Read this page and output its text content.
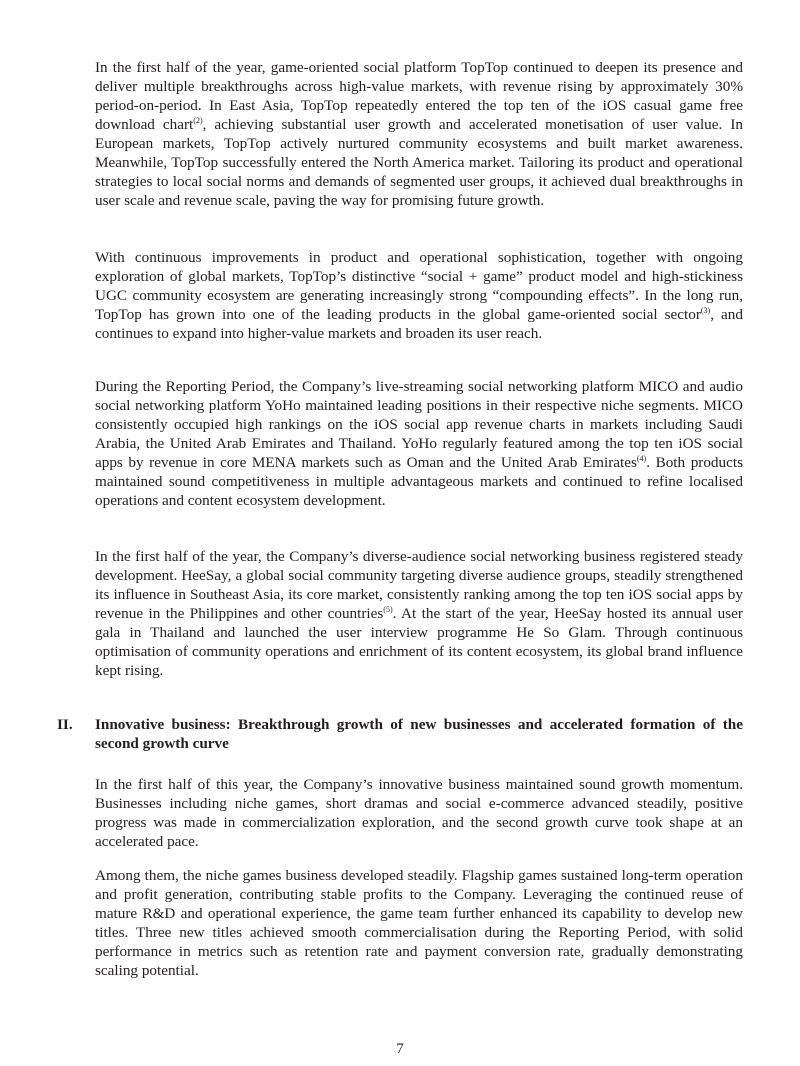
In the first half of the year, game-oriented social platform TopTop continued to deepen its presence and deliver multiple breakthroughs across high-value markets, with revenue rising by approximately 30% period-on-period. In East Asia, TopTop repeatedly entered the top ten of the iOS casual game free download chart$^{(2)}$, achieving substantial user growth and accelerated monetisation of user value. In European markets, TopTop actively nurtured community ecosystems and built market awareness. Meanwhile, TopTop successfully entered the North America market. Tailoring its product and operational strategies to local social norms and demands of segmented user groups, it achieved dual breakthroughs in user scale and revenue scale, paving the way for promising future growth.

With continuous improvements in product and operational sophistication, together with ongoing exploration of global markets, TopTop’s distinctive “social + game” product model and high-stickiness UGC community ecosystem are generating increasingly strong “compounding effects”. In the long run, TopTop has grown into one of the leading products in the global game-oriented social sector$^{(3)}$, and continues to expand into higher-value markets and broaden its user reach.

During the Reporting Period, the Company’s live-streaming social networking platform MICO and audio social networking platform YoHo maintained leading positions in their respective niche segments. MICO consistently occupied high rankings on the iOS social app revenue charts in markets including Saudi Arabia, the United Arab Emirates and Thailand. YoHo regularly featured among the top ten iOS social apps by revenue in core MENA markets such as Oman and the United Arab Emirates$^{(4)}$. Both products maintained sound competitiveness in multiple advantageous markets and continued to refine localised operations and content ecosystem development.

In the first half of the year, the Company’s diverse-audience social networking business registered steady development. HeeSay, a global social community targeting diverse audience groups, steadily strengthened its influence in Southeast Asia, its core market, consistently ranking among the top ten iOS social apps by revenue in the Philippines and other countries$^{(5)}$. At the start of the year, HeeSay hosted its annual user gala in Thailand and launched the user interview programme He So Glam. Through continuous optimisation of community operations and enrichment of its content ecosystem, its global brand influence kept rising.

II. Innovative business: Breakthrough growth of new businesses and accelerated formation of the second growth curve

In the first half of this year, the Company’s innovative business maintained sound growth momentum. Businesses including niche games, short dramas and social e-commerce advanced steadily, positive progress was made in commercialization exploration, and the second growth curve took shape at an accelerated pace.

Among them, the niche games business developed steadily. Flagship games sustained long-term operation and profit generation, contributing stable profits to the Company. Leveraging the continued reuse of mature R&D and operational experience, the game team further enhanced its capability to develop new titles. Three new titles achieved smooth commercialisation during the Reporting Period, with solid performance in metrics such as retention rate and payment conversion rate, gradually demonstrating scaling potential.

7
